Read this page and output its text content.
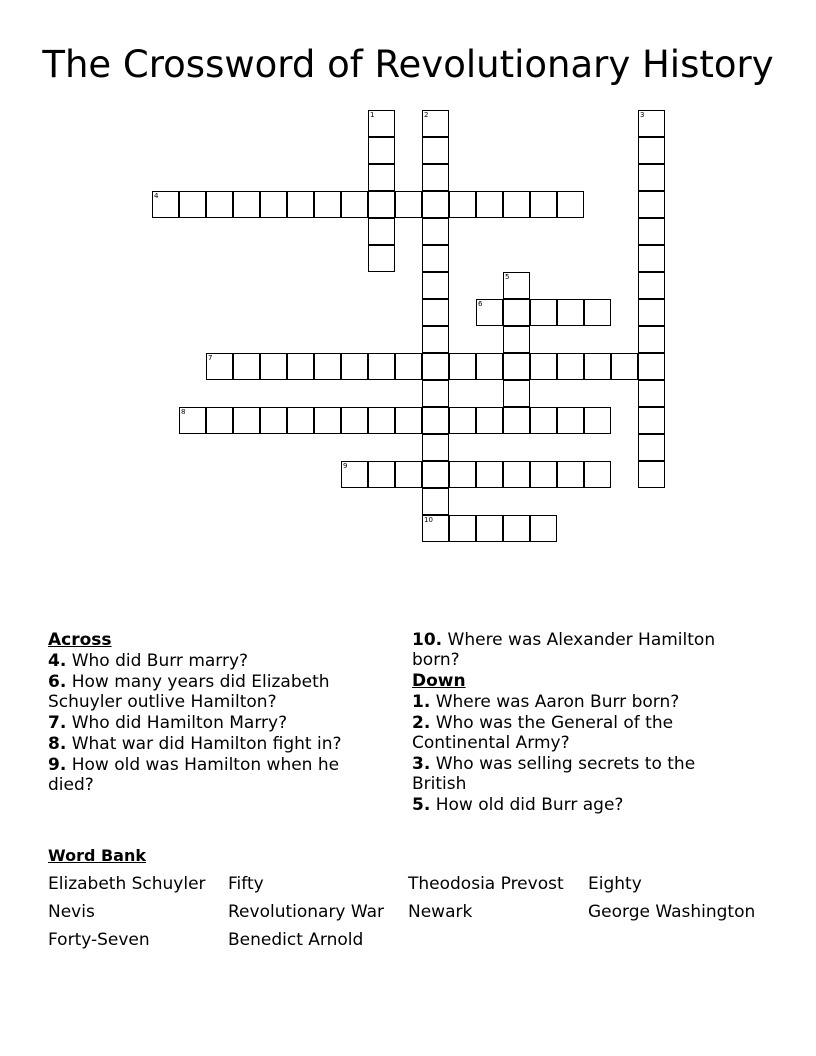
The Crossword of Revolutionary History
1	2
10
3
4
5
6
7
8
9
Across
4. Who did Burr marry?
6. How many years did Elizabeth Schuyler outlive Hamilton?
7. Who did Hamilton Marry?
8. What war did Hamilton fight in?
9. How old was Hamilton when he died?
10. Where was Alexander Hamilton born?
Down
1. Where was Aaron Burr born?
2. Who was the General of the Continental Army?
3. Who was selling secrets to the British
5. How old did Burr age?
Word Bank
Elizabeth Schuyler	Fifty	Theodosia Prevost	Eighty
Nevis	Revolutionary War	Newark	George Washington
Forty-Seven	Benedict Arnold
